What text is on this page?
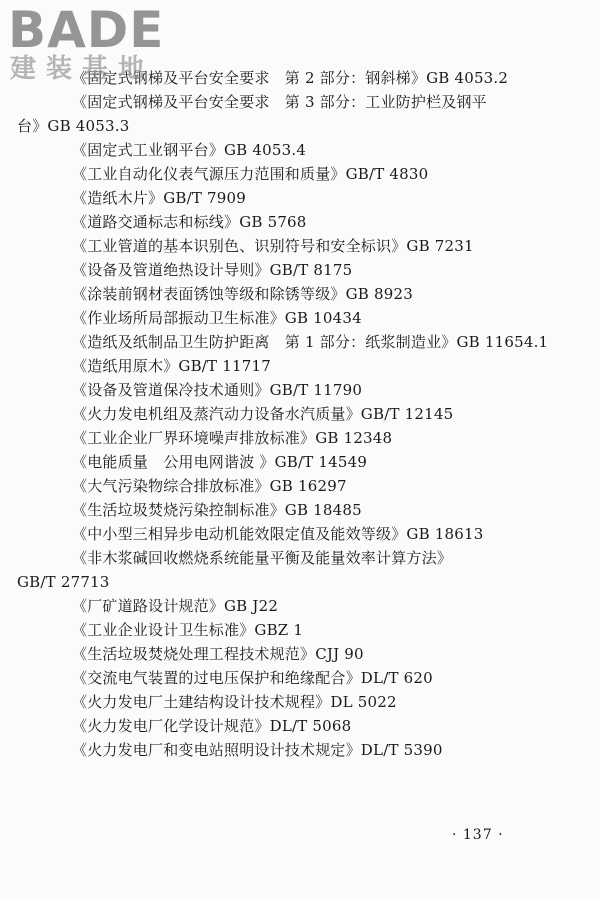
BADE
建装基地
《固定式钢梯及平台安全要求　第 2 部分：钢斜梯》GB 4053.2
《固定式钢梯及平台安全要求　第 3 部分：工业防护栏及钢平
台》GB 4053.3
《固定式工业钢平台》GB 4053.4
《工业自动化仪表气源压力范围和质量》GB/T 4830
《造纸木片》GB/T 7909
《道路交通标志和标线》GB 5768
《工业管道的基本识别色、识别符号和安全标识》GB 7231
《设备及管道绝热设计导则》GB/T 8175
《涂装前钢材表面锈蚀等级和除锈等级》GB 8923
《作业场所局部振动卫生标准》GB 10434
《造纸及纸制品卫生防护距离　第 1 部分：纸浆制造业》GB 11654.1
《造纸用原木》GB/T 11717
《设备及管道保冷技术通则》GB/T 11790
《火力发电机组及蒸汽动力设备水汽质量》GB/T 12145
《工业企业厂界环境噪声排放标准》GB 12348
《电能质量　公用电网谐波 》GB/T 14549
《大气污染物综合排放标准》GB 16297
《生活垃圾焚烧污染控制标准》GB 18485
《中小型三相异步电动机能效限定值及能效等级》GB 18613
《非木浆碱回收燃烧系统能量平衡及能量效率计算方法》
GB/T 27713
《厂矿道路设计规范》GB J22
《工业企业设计卫生标准》GBZ 1
《生活垃圾焚烧处理工程技术规范》CJJ 90
《交流电气装置的过电压保护和绝缘配合》DL/T 620
《火力发电厂土建结构设计技术规程》DL 5022
《火力发电厂化学设计规范》DL/T 5068
《火力发电厂和变电站照明设计技术规定》DL/T 5390
· 137 ·
